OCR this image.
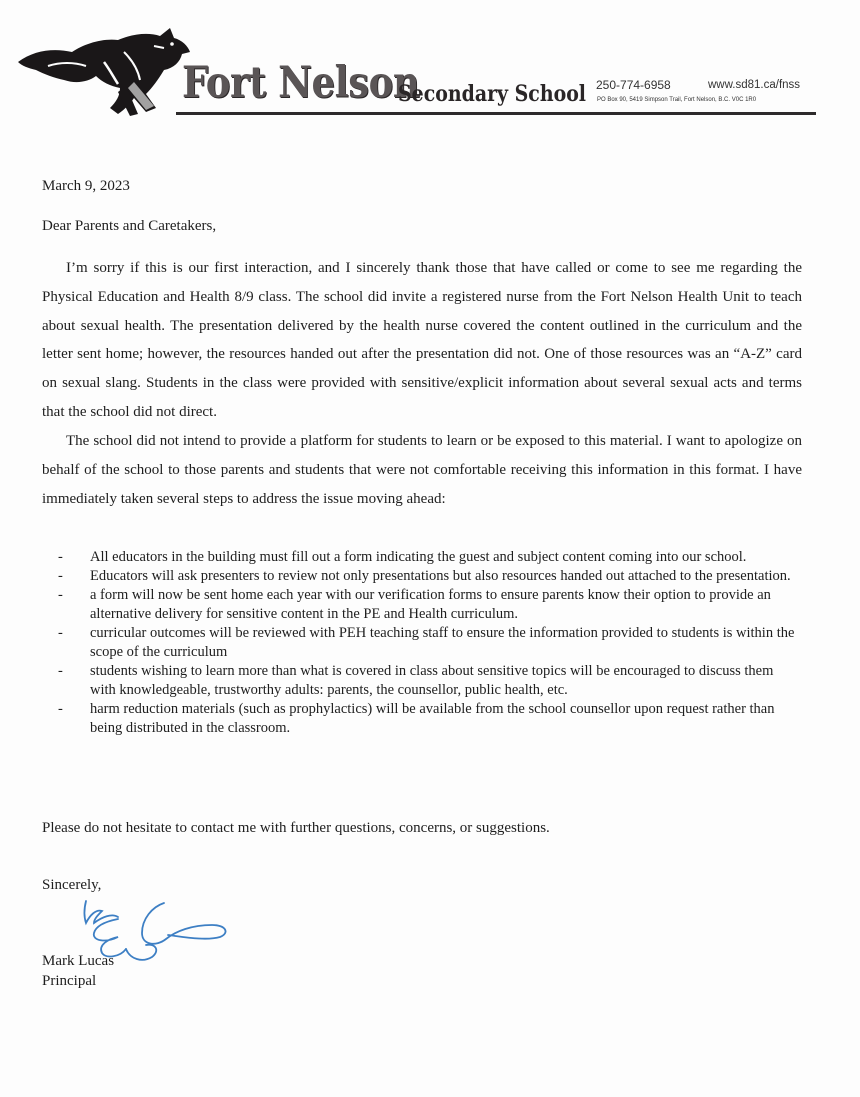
Fort Nelson
Secondary School 250-774-6958	www.sd81.ca/fnss
PO Box 90, 5419 Simpson Trail, Fort Nelson, B.C. V0C 1R0
March 9, 2023
Dear Parents and Caretakers,
I’m sorry if this is our first interaction, and I sincerely thank those that have called or come to see me regarding the Physical Education and Health 8/9 class. The school did invite a registered nurse from the Fort Nelson Health Unit to teach about sexual health. The presentation delivered by the health nurse covered the content outlined in the curriculum and the letter sent home; however, the resources handed out after the presentation did not. One of those resources was an “A-Z” card on sexual slang. Students in the class were provided with sensitive/explicit information about several sexual acts and terms that the school did not direct.
The school did not intend to provide a platform for students to learn or be exposed to this material. I want to apologize on behalf of the school to those parents and students that were not comfortable receiving this information in this format. I have immediately taken several steps to address the issue moving ahead:
- All educators in the building must fill out a form indicating the guest and subject content coming into our school.
- Educators will ask presenters to review not only presentations but also resources handed out attached to the presentation.
- a form will now be sent home each year with our verification forms to ensure parents know their option to provide an alternative delivery for sensitive content in the PE and Health curriculum.
- curricular outcomes will be reviewed with PEH teaching staff to ensure the information provided to students is within the scope of the curriculum
- students wishing to learn more than what is covered in class about sensitive topics will be encouraged to discuss them with knowledgeable, trustworthy adults: parents, the counsellor, public health, etc.
- harm reduction materials (such as prophylactics) will be available from the school counsellor upon request rather than being distributed in the classroom.
Please do not hesitate to contact me with further questions, concerns, or suggestions.
Sincerely,
Mark Lucas
Principal
